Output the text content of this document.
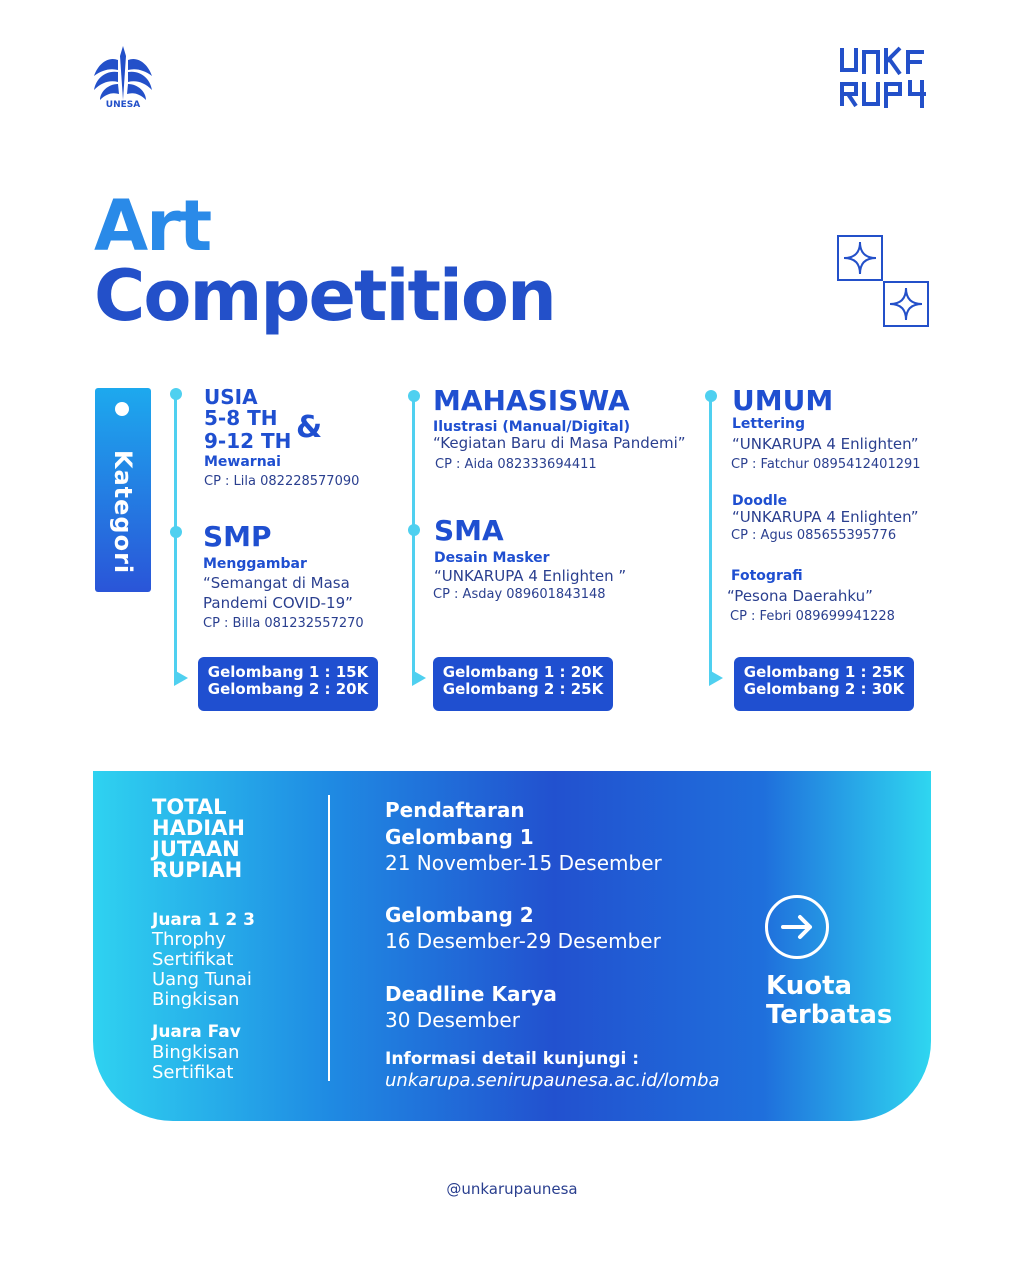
UNESA
Art
Competition
Kategori
USIA
5-8 TH
9-12 TH &
Mewarnai
CP : Lila 082228577090
SMP
Menggambar
“Semangat di Masa
Pandemi COVID-19”
CP : Billa 081232557270
MAHASISWA
Ilustrasi (Manual/Digital)
“Kegiatan Baru di Masa Pandemi”
CP : Aida 082333694411
SMA
Desain Masker
“UNKARUPA 4 Enlighten ”
CP : Asday 089601843148
UMUM
Lettering
“UNKARUPA 4 Enlighten”
CP : Fatchur 0895412401291
Doodle
“UNKARUPA 4 Enlighten”
CP : Agus 085655395776
Fotografi
“Pesona Daerahku”
CP : Febri 089699941228
Gelombang 1 : 15K
Gelombang 2 : 20K
Gelombang 1 : 20K
Gelombang 2 : 25K
Gelombang 1 : 25K
Gelombang 2 : 30K
TOTAL
HADIAH
JUTAAN
RUPIAH
Juara 1 2 3
Throphy
Sertifikat
Uang Tunai
Bingkisan
Juara Fav
Bingkisan
Sertifikat
Pendaftaran
Gelombang 1
21 November-15 Desember
Gelombang 2
16 Desember-29 Desember
Deadline Karya
30 Desember
Informasi detail kunjungi :
unkarupa.senirupaunesa.ac.id/lomba
Kuota
Terbatas
@unkarupaunesa
